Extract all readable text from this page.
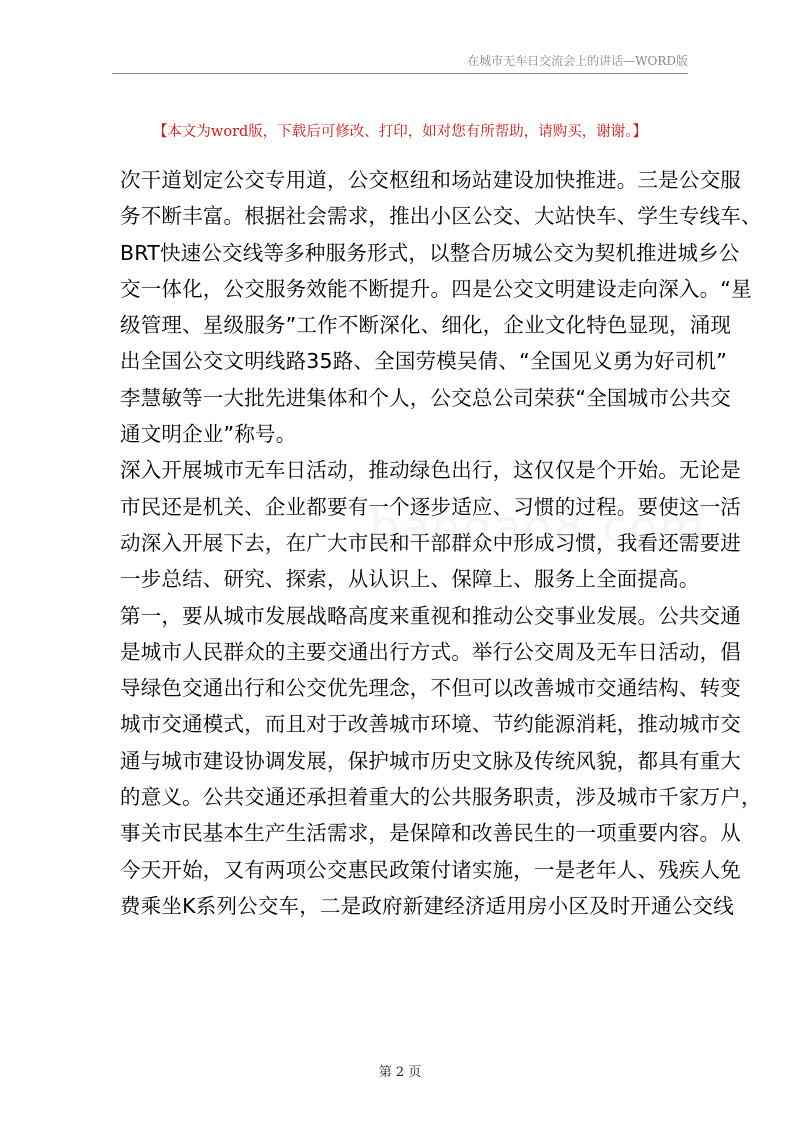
在城市无车日交流会上的讲话—WORD版
【本文为word版，下载后可修改、打印，如对您有所帮助，请购买，谢谢。】

次干道划定公交专用道，公交枢纽和场站建设加快推进。三是公交服
务不断丰富。根据社会需求，推出小区公交、大站快车、学生专线车、
BRT快速公交线等多种服务形式，以整合历城公交为契机推进城乡公
交一体化，公交服务效能不断提升。四是公交文明建设走向深入。“星
级管理、星级服务”工作不断深化、细化，企业文化特色显现，涌现
出全国公交文明线路35路、全国劳模吴倩、“全国见义勇为好司机”
李慧敏等一大批先进集体和个人，公交总公司荣获“全国城市公共交
通文明企业”称号。

深入开展城市无车日活动，推动绿色出行，这仅仅是个开始。无论是
市民还是机关、企业都要有一个逐步适应、习惯的过程。要使这一活
动深入开展下去，在广大市民和干部群众中形成习惯，我看还需要进
一步总结、研究、探索，从认识上、保障上、服务上全面提高。

第一，要从城市发展战略高度来重视和推动公交事业发展。公共交通
是城市人民群众的主要交通出行方式。举行公交周及无车日活动，倡
导绿色交通出行和公交优先理念，不但可以改善城市交通结构、转变
城市交通模式，而且对于改善城市环境、节约能源消耗，推动城市交
通与城市建设协调发展，保护城市历史文脉及传统风貌，都具有重大
的意义。公共交通还承担着重大的公共服务职责，涉及城市千家万户，
事关市民基本生产生活需求，是保障和改善民生的一项重要内容。从
今天开始，又有两项公交惠民政策付诸实施，一是老年人、残疾人免
费乘坐K系列公交车，二是政府新建经济适用房小区及时开通公交线

第 2 页
